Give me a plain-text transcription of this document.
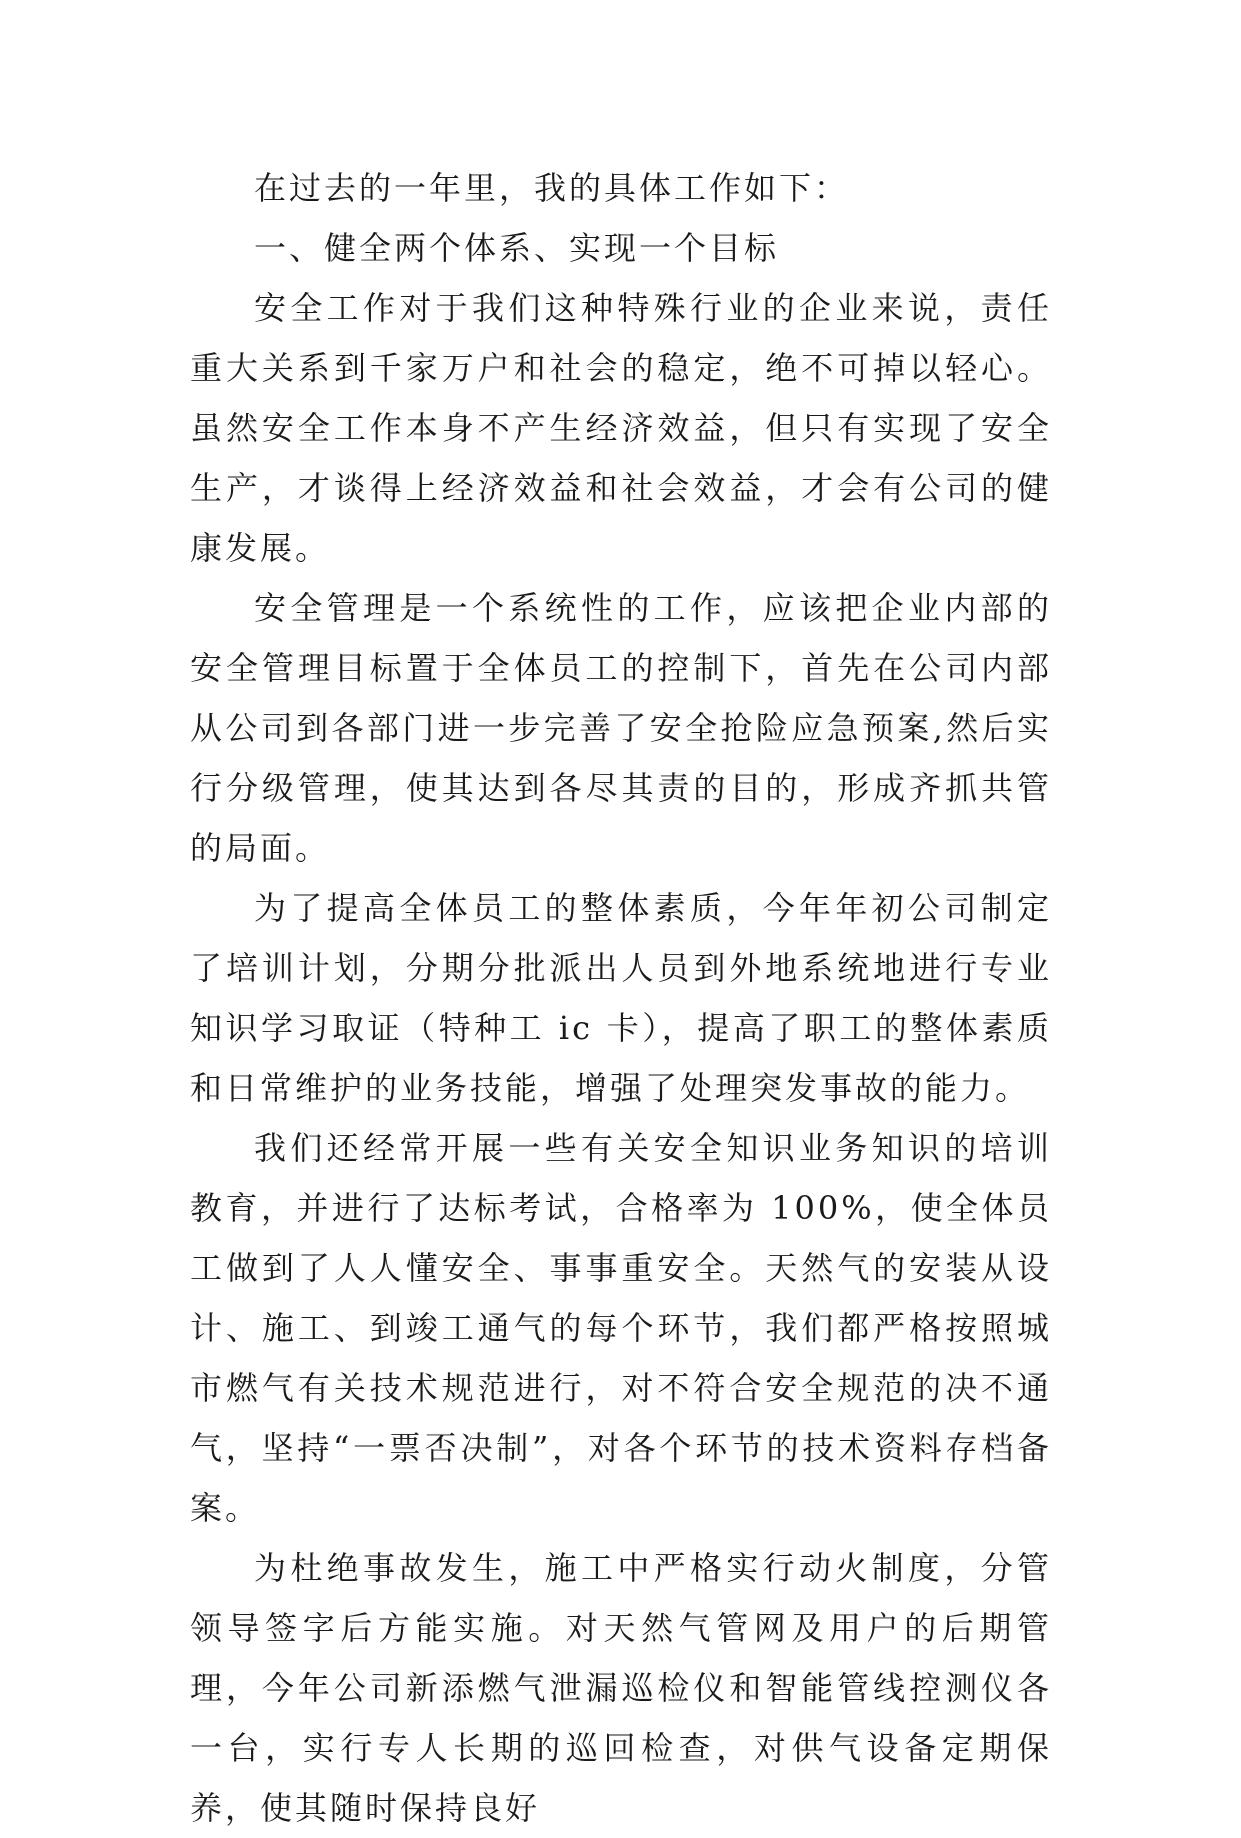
在过去的一年里，我的具体工作如下：

一、健全两个体系、实现一个目标

安全工作对于我们这种特殊行业的企业来说，责任重大关系到千家万户和社会的稳定，绝不可掉以轻心。虽然安全工作本身不产生经济效益，但只有实现了安全生产，才谈得上经济效益和社会效益，才会有公司的健康发展。

安全管理是一个系统性的工作，应该把企业内部的安全管理目标置于全体员工的控制下，首先在公司内部从公司到各部门进一步完善了安全抢险应急预案,然后实行分级管理，使其达到各尽其责的目的，形成齐抓共管的局面。

为了提高全体员工的整体素质，今年年初公司制定了培训计划，分期分批派出人员到外地系统地进行专业知识学习取证（特种工 ic 卡），提高了职工的整体素质和日常维护的业务技能，增强了处理突发事故的能力。

我们还经常开展一些有关安全知识业务知识的培训教育，并进行了达标考试，合格率为 100%，使全体员工做到了人人懂安全、事事重安全。天然气的安装从设计、施工、到竣工通气的每个环节，我们都严格按照城市燃气有关技术规范进行，对不符合安全规范的决不通气，坚持“一票否决制”，对各个环节的技术资料存档备案。

为杜绝事故发生，施工中严格实行动火制度，分管领导签字后方能实施。对天然气管网及用户的后期管理，今年公司新添燃气泄漏巡检仪和智能管线控测仪各一台，实行专人长期的巡回检查，对供气设备定期保养，使其随时保持良好
